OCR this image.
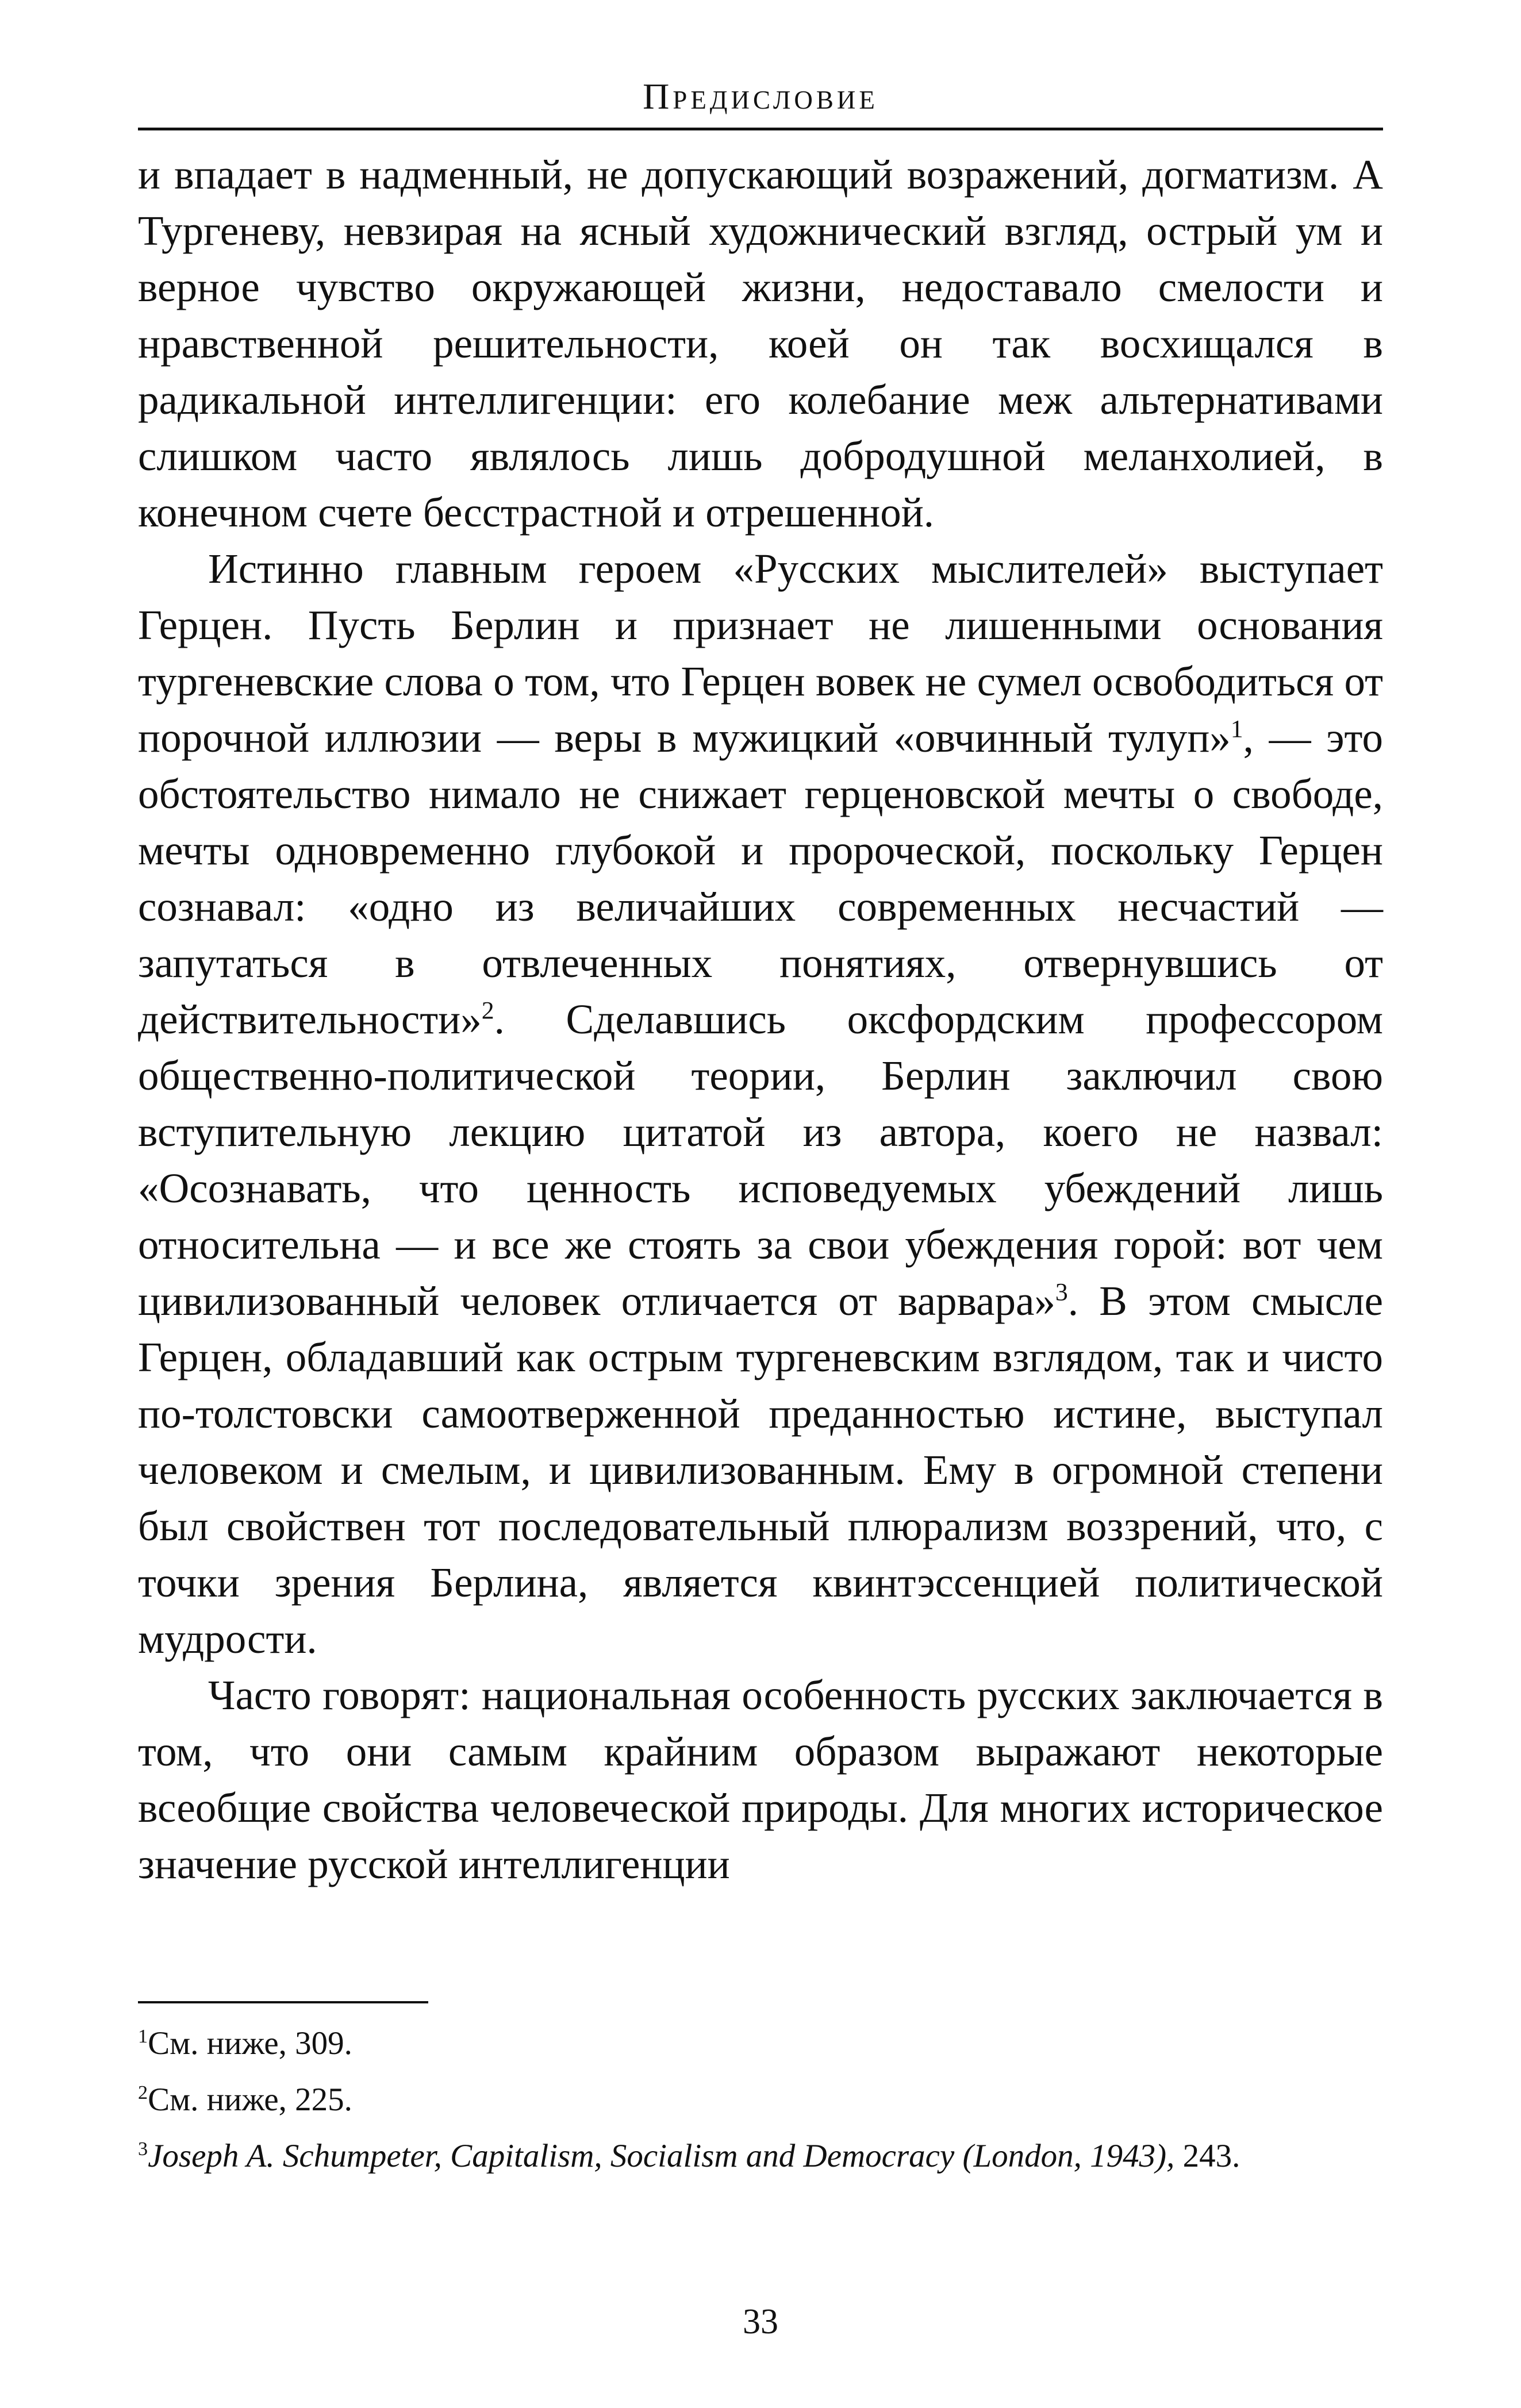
Предисловие

и впадает в надменный, не допускающий возражений, догматизм. А Тургеневу, невзирая на ясный художнический взгляд, острый ум и верное чувство окружающей жизни, недоставало смелости и нравственной решительности, коей он так восхищался в радикальной интеллигенции: его колебание меж альтернативами слишком часто являлось лишь добродушной меланхолией, в конечном счете бесстрастной и отрешенной.

Истинно главным героем «Русских мыслителей» выступает Герцен. Пусть Берлин и признает не лишенными основания тургеневские слова о том, что Герцен вовек не сумел освободиться от порочной иллюзии — веры в мужицкий «овчинный тулуп»$^1$, — это обстоятельство нимало не снижает герценовской мечты о свободе, мечты одновременно глубокой и пророческой, поскольку Герцен сознавал: «одно из величайших современных несчастий — запутаться в отвлеченных понятиях, отвернувшись от действительности»$^2$. Сделавшись оксфордским профессором общественно-политической теории, Берлин заключил свою вступительную лекцию цитатой из автора, коего не назвал: «Осознавать, что ценность исповедуемых убеждений лишь относительна — и все же стоять за свои убеждения горой: вот чем цивилизованный человек отличается от варвара»$^3$. В этом смысле Герцен, обладавший как острым тургеневским взглядом, так и чисто по-толстовски самоотверженной преданностью истине, выступал человеком и смелым, и цивилизованным. Ему в огромной степени был свойствен тот последовательный плюрализм воззрений, что, с точки зрения Берлина, является квинтэссенцией политической мудрости.

Часто говорят: национальная особенность русских заключается в том, что они самым крайним образом выражают некоторые всеобщие свойства человеческой природы. Для многих историческое значение русской интеллигенции

$^1$См. ниже, 309.

$^2$См. ниже, 225.

$^3$Joseph A. Schumpeter, Capitalism, Socialism and Democracy (London, 1943), 243.

33
